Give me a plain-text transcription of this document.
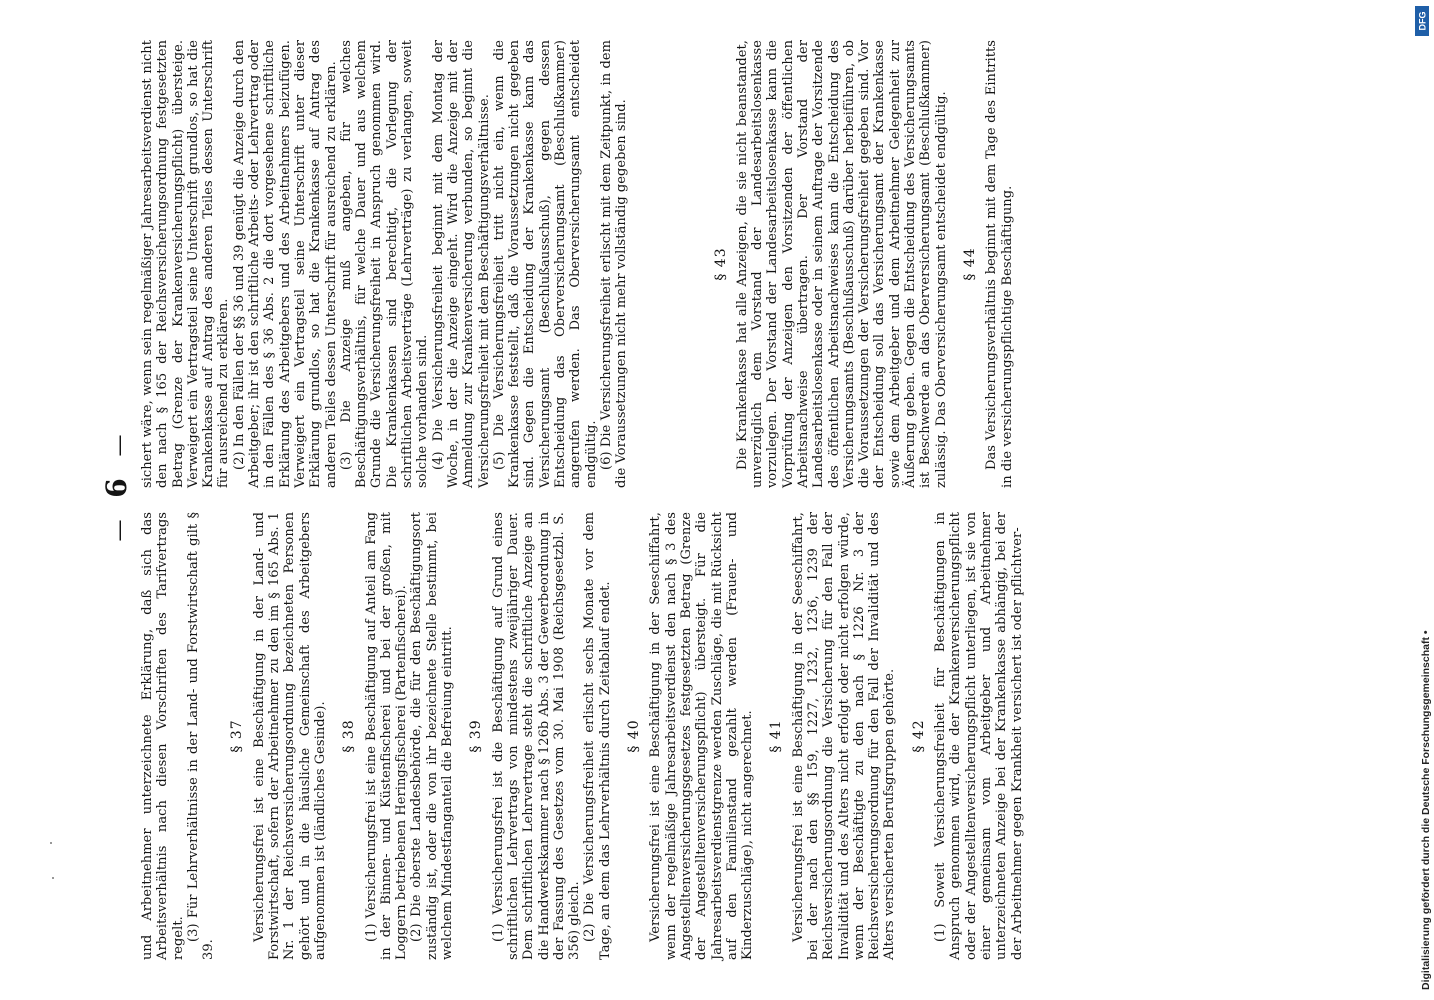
— 6 —

und Arbeitnehmer unterzeichnete Erklärung, daß sich das Arbeitsverhältnis nach diesen Vorschriften des Tarifvertrags regelt. (3) Für Lehrverhältnisse in der Land- und Forstwirtschaft gilt § 39.

§ 37 Versicherungsfrei ist eine Beschäftigung in der Land- und Forstwirtschaft, sofern der Arbeitnehmer zu den im § 165 Abs. 1 Nr. 1 der Reichsversicherungsordnung bezeichneten Personen gehört und in die häusliche Gemeinschaft des Arbeitgebers aufgenommen ist (ländliches Gesinde). § 38 (1) Versicherungsfrei ist eine Beschäftigung auf Anteil am Fang in der Binnen- und Küstenfischerei und bei der großen, mit Loggern betriebenen Heringsfischerei (Partenfischerei). (2) Die oberste Landesbehörde, die für den Beschäftigungsort zuständig ist, oder die von ihr bezeichnete Stelle bestimmt, bei welchem Mindestfanganteil die Befreiung eintritt. § 39 (1) Versicherungsfrei ist die Beschäftigung auf Grund eines schriftlichen Lehrvertrags von mindestens zweijähriger Dauer. Dem schriftlichen Lehrvertrage steht die schriftliche Anzeige an die Handwerkskammer nach § 126b Abs. 3 der Gewerbeordnung in der Fassung des Gesetzes vom 30. Mai 1908 (Reichsgesetzbl. S. 356) gleich. (2) Die Versicherungsfreiheit erlischt sechs Monate vor dem Tage, an dem das Lehrverhältnis durch Zeitablauf endet. § 40 Versicherungsfrei ist eine Beschäftigung in der Seeschiffahrt, wenn der regelmäßige Jahresarbeitsverdienst den nach § 3 des Angestelltenversicherungsgesetzes festgesetzten Betrag (Grenze der Angestelltenversicherungspflicht) übersteigt. Für die Jahresarbeitsverdienstgrenze werden Zuschläge, die mit Rücksicht auf den Familienstand gezahlt werden (Frauen- und Kinderzuschläge), nicht angerechnet. § 41 Versicherungsfrei ist eine Beschäftigung in der Seeschiffahrt, bei der nach den §§ 159, 1227, 1232, 1236, 1239 der Reichsversicherungsordnung die Versicherung für den Fall der Invalidität und des Alters nicht erfolgt oder nicht erfolgen würde, wenn der Beschäftigte zu den nach § 1226 Nr. 3 der Reichsversicherungsordnung für den Fall der Invalidität und des Alters versicherten Berufsgruppen gehörte. § 42 (1) Soweit Versicherungsfreiheit für Beschäftigungen in Anspruch genommen wird, die der Krankenversicherungspflicht oder der Angestelltenversicherungspflicht unterliegen, ist sie von einer gemeinsam vom Arbeitgeber und Arbeitnehmer unterzeichneten Anzeige bei der Krankenkasse abhängig, bei der der Arbeitnehmer gegen Krankheit versichert ist oder pflichtver-

sichert wäre, wenn sein regelmäßiger Jahresarbeitsverdienst nicht den nach § 165 der Reichsversicherungsordnung festgesetzten Betrag (Grenze der Krankenversicherungspflicht) übersteige. Verweigert ein Vertragsteil seine Unterschrift grundlos, so hat die Krankenkasse auf Antrag des anderen Teiles dessen Unterschrift für ausreichend zu erklären. (2) In den Fällen der §§ 36 und 39 genügt die Anzeige durch den Arbeitgeber; ihr ist den schriftliche Arbeits- oder Lehrvertrag oder in den Fällen des § 36 Abs. 2 die dort vorgesehene schriftliche Erklärung des Arbeitgebers und des Arbeitnehmers beizufügen. Verweigert ein Vertragsteil seine Unterschrift unter dieser Erklärung grundlos, so hat die Krankenkasse auf Antrag des anderen Teiles dessen Unterschrift für ausreichend zu erklären. (3) Die Anzeige muß angeben, für welches Beschäftigungsverhältnis, für welche Dauer und aus welchem Grunde die Versicherungsfreiheit in Anspruch genommen wird. Die Krankenkassen sind berechtigt, die Vorlegung der schriftlichen Arbeitsverträge (Lehrverträge) zu verlangen, soweit solche vorhanden sind. (4) Die Versicherungsfreiheit beginnt mit dem Montag der Woche, in der die Anzeige eingeht. Wird die Anzeige mit der Anmeldung zur Krankenversicherung verbunden, so beginnt die Versicherungsfreiheit mit dem Beschäftigungsverhältnisse. (5) Die Versicherungsfreiheit tritt nicht ein, wenn die Krankenkasse feststellt, daß die Voraussetzungen nicht gegeben sind. Gegen die Entscheidung der Krankenkasse kann das Versicherungsamt (Beschlußausschuß), gegen dessen Entscheidung das Oberversicherungsamt (Beschlußkammer) angerufen werden. Das Oberversicherungsamt entscheidet endgültig. (6) Die Versicherungsfreiheit erlischt mit dem Zeitpunkt, in dem die Voraussetzungen nicht mehr vollständig gegeben sind.	§ 43 Die Krankenkasse hat alle Anzeigen, die sie nicht beanstandet, unverzüglich dem Vorstand der Landesarbeitslosenkasse vorzulegen. Der Vorstand der Landesarbeitslosenkasse kann die Vorprüfung der Anzeigen den Vorsitzenden der öffentlichen Arbeitsnachweise übertragen. Der Vorstand der Landesarbeitslosenkasse oder in seinem Auftrage der Vorsitzende des öffentlichen Arbeitsnachweises kann die Entscheidung des Versicherungsamts (Beschlußausschuß) darüber herbeiführen, ob die Voraussetzungen der Versicherungsfreiheit gegeben sind. Vor der Entscheidung soll das Versicherungsamt der Krankenkasse sowie dem Arbeitgeber und dem Arbeitnehmer Gelegenheit zur Äußerung geben. Gegen die Entscheidung des Versicherungsamts ist Beschwerde an das Oberversicherungsamt (Beschlußkammer) zulässig. Das Oberversicherungsamt entscheidet endgültig. § 44 Das Versicherungsverhältnis beginnt mit dem Tage des Eintritts in die versicherungspflichtige Beschäftigung.

DFG
Digitalisierung gefördert durch die Deutsche Forschungsgemeinschaft •
